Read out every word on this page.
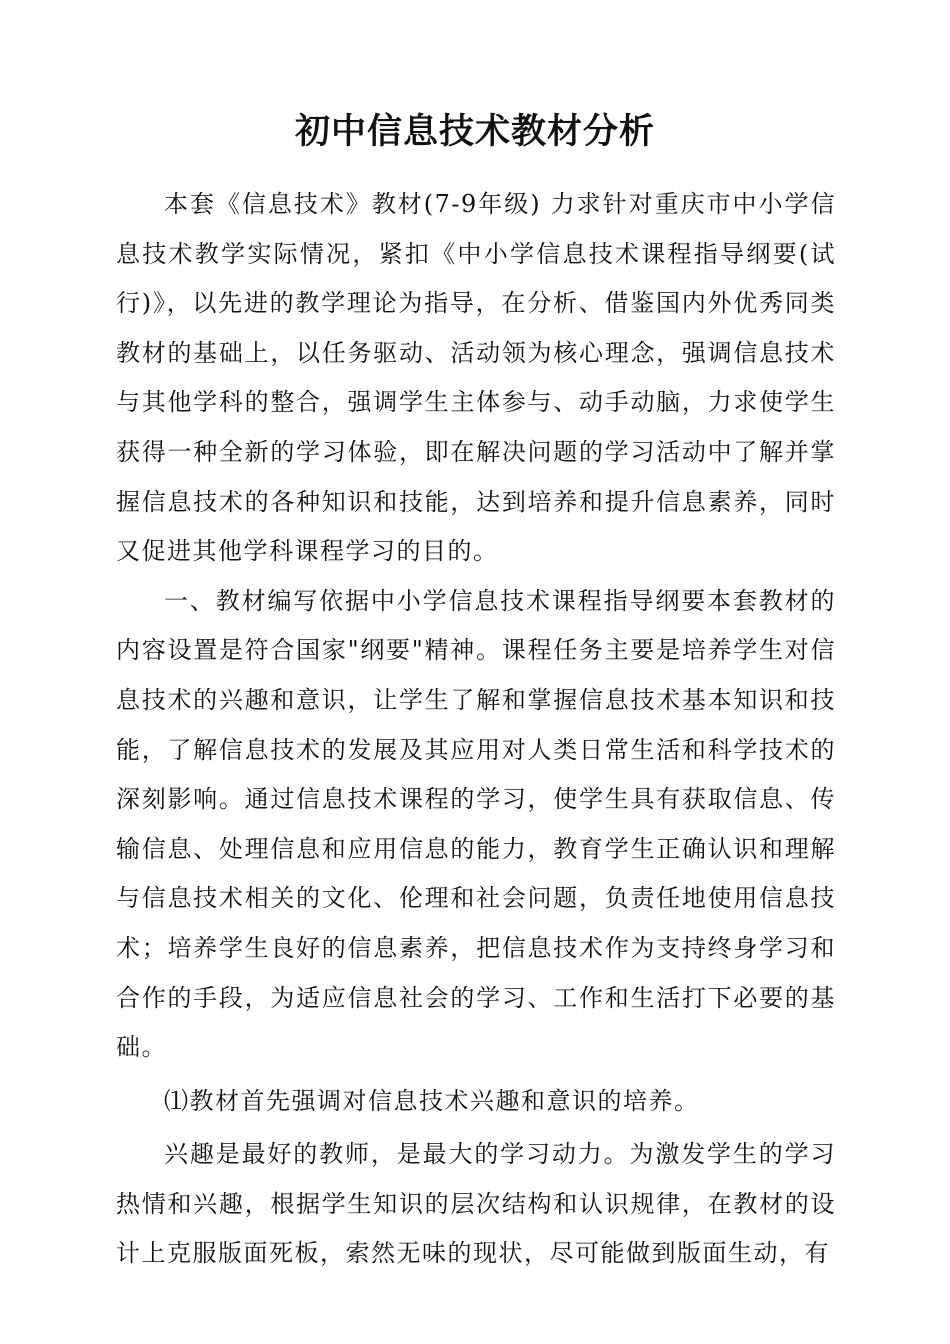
初中信息技术教材分析

本套《信息技术》教材(7-9年级) 力求针对重庆市中小学信息技术教学实际情况，紧扣《中小学信息技术课程指导纲要(试行)》，以先进的教学理论为指导，在分析、借鉴国内外优秀同类教材的基础上，以任务驱动、活动领为核心理念，强调信息技术与其他学科的整合，强调学生主体参与、动手动脑，力求使学生获得一种全新的学习体验，即在解决问题的学习活动中了解并掌握信息技术的各种知识和技能，达到培养和提升信息素养，同时又促进其他学科课程学习的目的。

一、教材编写依据中小学信息技术课程指导纲要本套教材的内容设置是符合国家"纲要"精神。课程任务主要是培养学生对信息技术的兴趣和意识，让学生了解和掌握信息技术基本知识和技能，了解信息技术的发展及其应用对人类日常生活和科学技术的深刻影响。通过信息技术课程的学习，使学生具有获取信息、传输信息、处理信息和应用信息的能力，教育学生正确认识和理解与信息技术相关的文化、伦理和社会问题，负责任地使用信息技术；培养学生良好的信息素养，把信息技术作为支持终身学习和合作的手段，为适应信息社会的学习、工作和生活打下必要的基础。

⑴教材首先强调对信息技术兴趣和意识的培养。

兴趣是最好的教师，是最大的学习动力。为激发学生的学习热情和兴趣，根据学生知识的层次结构和认识规律，在教材的设计上克服版面死板，索然无味的现状，尽可能做到版面生动，有
